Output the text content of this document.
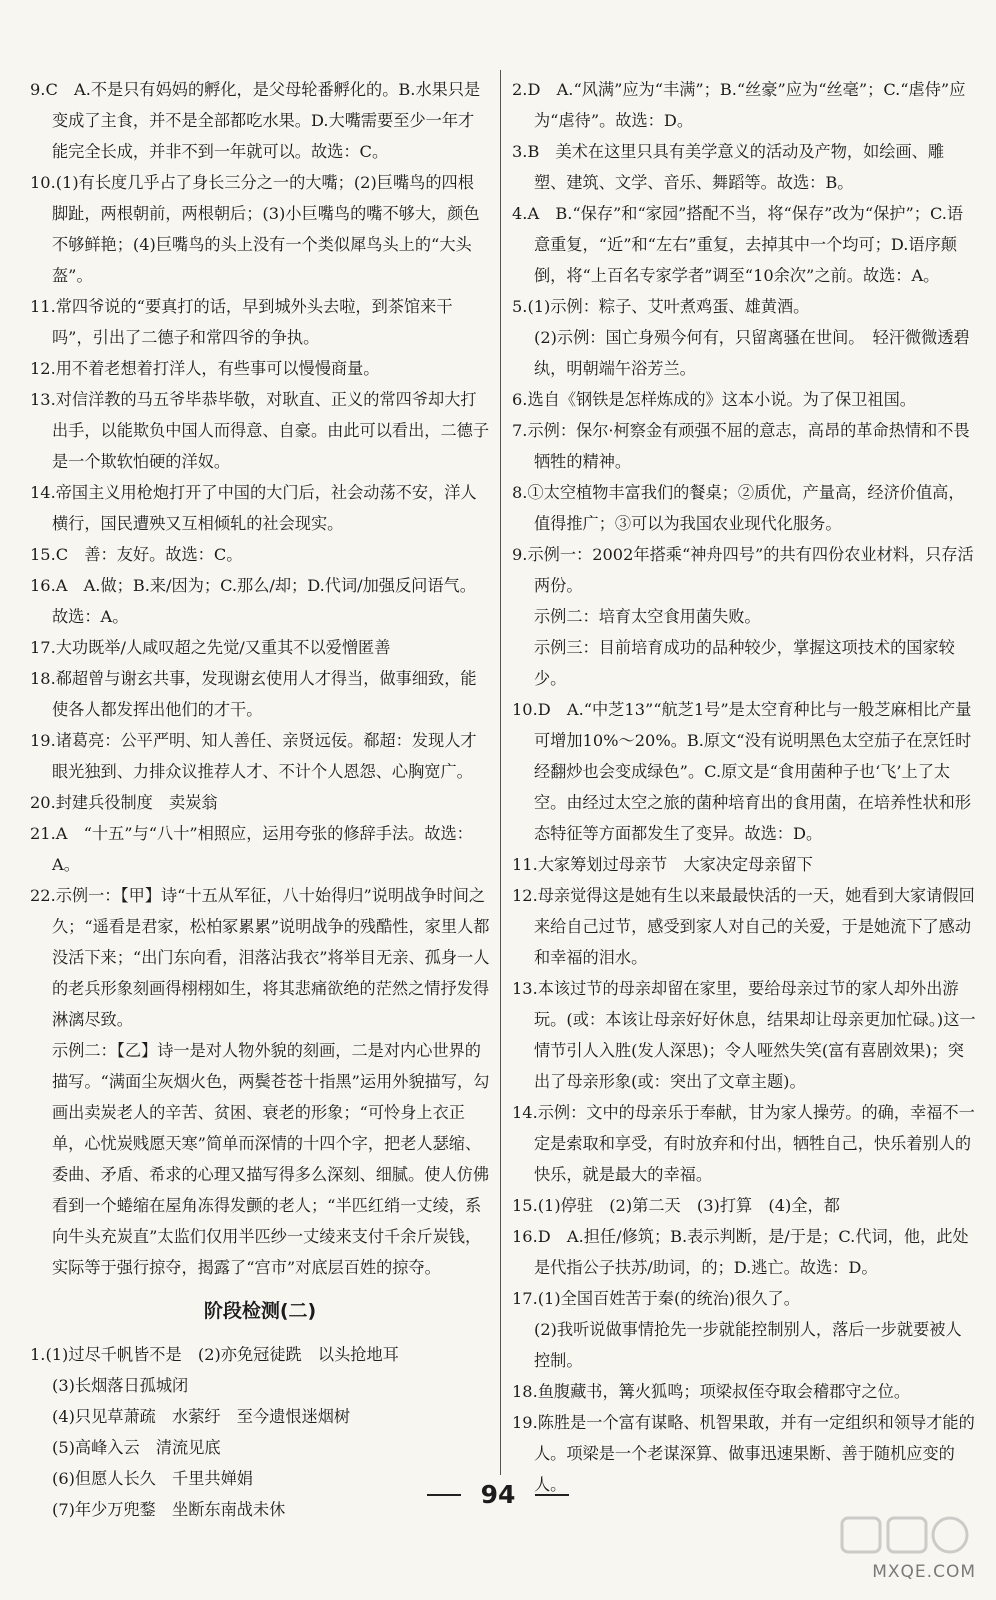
9.C　A.不是只有妈妈的孵化，是父母轮番孵化的。B.水果只是变成了主食，并不是全部都吃水果。D.大嘴需要至少一年才能完全长成，并非不到一年就可以。故选：C。

10.(1)有长度几乎占了身长三分之一的大嘴；(2)巨嘴鸟的四根脚趾，两根朝前，两根朝后；(3)小巨嘴鸟的嘴不够大，颜色不够鲜艳；(4)巨嘴鸟的头上没有一个类似犀鸟头上的“大头盔”。

11.常四爷说的“要真打的话，早到城外头去啦，到茶馆来干吗”，引出了二德子和常四爷的争执。

12.用不着老想着打洋人，有些事可以慢慢商量。

13.对信洋教的马五爷毕恭毕敬，对耿直、正义的常四爷却大打出手，以能欺负中国人而得意、自豪。由此可以看出，二德子是一个欺软怕硬的洋奴。

14.帝国主义用枪炮打开了中国的大门后，社会动荡不安，洋人横行，国民遭殃又互相倾轧的社会现实。

15.C　善：友好。故选：C。

16.A　A.做；B.来/因为；C.那么/却；D.代词/加强反问语气。故选：A。

17.大功既举/人咸叹超之先觉/又重其不以爱憎匿善

18.郗超曾与谢玄共事，发现谢玄使用人才得当，做事细致，能使各人都发挥出他们的才干。

19.诸葛亮：公平严明、知人善任、亲贤远佞。郗超：发现人才眼光独到、力排众议推荐人才、不计个人恩怨、心胸宽广。

20.封建兵役制度　卖炭翁

21.A　“十五”与“八十”相照应，运用夸张的修辞手法。故选：A。

22.示例一：【甲】诗“十五从军征，八十始得归”说明战争时间之久；“遥看是君家，松柏冢累累”说明战争的残酷性，家里人都没活下来；“出门东向看，泪落沾我衣”将举目无亲、孤身一人的老兵形象刻画得栩栩如生，将其悲痛欲绝的茫然之情抒发得淋漓尽致。

示例二：【乙】诗一是对人物外貌的刻画，二是对内心世界的描写。“满面尘灰烟火色，两鬓苍苍十指黑”运用外貌描写，勾画出卖炭老人的辛苦、贫困、衰老的形象；“可怜身上衣正单，心忧炭贱愿天寒”简单而深情的十四个字，把老人瑟缩、委曲、矛盾、希求的心理又描写得多么深刻、细腻。使人仿佛看到一个蜷缩在屋角冻得发颤的老人；“半匹红绡一丈绫，系向牛头充炭直”太监们仅用半匹纱一丈绫来支付千余斤炭钱，实际等于强行掠夺，揭露了“宫市”对底层百姓的掠夺。

阶段检测(二)

1.(1)过尽千帆皆不是　(2)亦免冠徒跣　以头抢地耳

(3)长烟落日孤城闭

(4)只见草萧疏　水萦纡　至今遗恨迷烟树

(5)高峰入云　清流见底

(6)但愿人长久　千里共婵娟

(7)年少万兜鍪　坐断东南战未休

2.D　A.“风满”应为“丰满”；B.“丝豪”应为“丝毫”；C.“虐侍”应为“虐待”。故选：D。

3.B　美术在这里只具有美学意义的活动及产物，如绘画、雕塑、建筑、文学、音乐、舞蹈等。故选：B。

4.A　B.“保存”和“家园”搭配不当，将“保存”改为“保护”；C.语意重复，“近”和“左右”重复，去掉其中一个均可；D.语序颠倒，将“上百名专家学者”调至“10余次”之前。故选：A。

5.(1)示例：粽子、艾叶煮鸡蛋、雄黄酒。

(2)示例：国亡身殒今何有，只留离骚在世间。　轻汗微微透碧纨，明朝端午浴芳兰。

6.选自《钢铁是怎样炼成的》这本小说。为了保卫祖国。

7.示例：保尔·柯察金有顽强不屈的意志，高昂的革命热情和不畏牺牲的精神。

8.①太空植物丰富我们的餐桌；②质优，产量高，经济价值高，值得推广；③可以为我国农业现代化服务。

9.示例一：2002年搭乘“神舟四号”的共有四份农业材料，只存活两份。

示例二：培育太空食用菌失败。

示例三：目前培育成功的品种较少，掌握这项技术的国家较少。

10.D　A.“中芝13”“航芝1号”是太空育种比与一般芝麻相比产量可增加10%～20%。B.原文“没有说明黑色太空茄子在烹饪时经翻炒也会变成绿色”。C.原文是“食用菌种子也‘飞’上了太空。由经过太空之旅的菌种培育出的食用菌，在培养性状和形态特征等方面都发生了变异。故选：D。

11.大家筹划过母亲节　大家决定母亲留下

12.母亲觉得这是她有生以来最最快活的一天，她看到大家请假回来给自己过节，感受到家人对自己的关爱，于是她流下了感动和幸福的泪水。

13.本该过节的母亲却留在家里，要给母亲过节的家人却外出游玩。(或：本该让母亲好好休息，结果却让母亲更加忙碌。)这一情节引人入胜(发人深思)；令人哑然失笑(富有喜剧效果)；突出了母亲形象(或：突出了文章主题)。

14.示例：文中的母亲乐于奉献，甘为家人操劳。的确，幸福不一定是索取和享受，有时放弃和付出，牺牲自己，快乐着别人的快乐，就是最大的幸福。

15.(1)停驻　(2)第二天　(3)打算　(4)全，都

16.D　A.担任/修筑；B.表示判断，是/于是；C.代词，他，此处是代指公子扶苏/助词，的；D.逃亡。故选：D。

17.(1)全国百姓苦于秦(的统治)很久了。

(2)我听说做事情抢先一步就能控制别人，落后一步就要被人控制。

18.鱼腹藏书，篝火狐鸣；项梁叔侄夺取会稽郡守之位。

19.陈胜是一个富有谋略、机智果敢，并有一定组织和领导才能的人。项梁是一个老谋深算、做事迅速果断、善于随机应变的人。

94
MXQE.COM
